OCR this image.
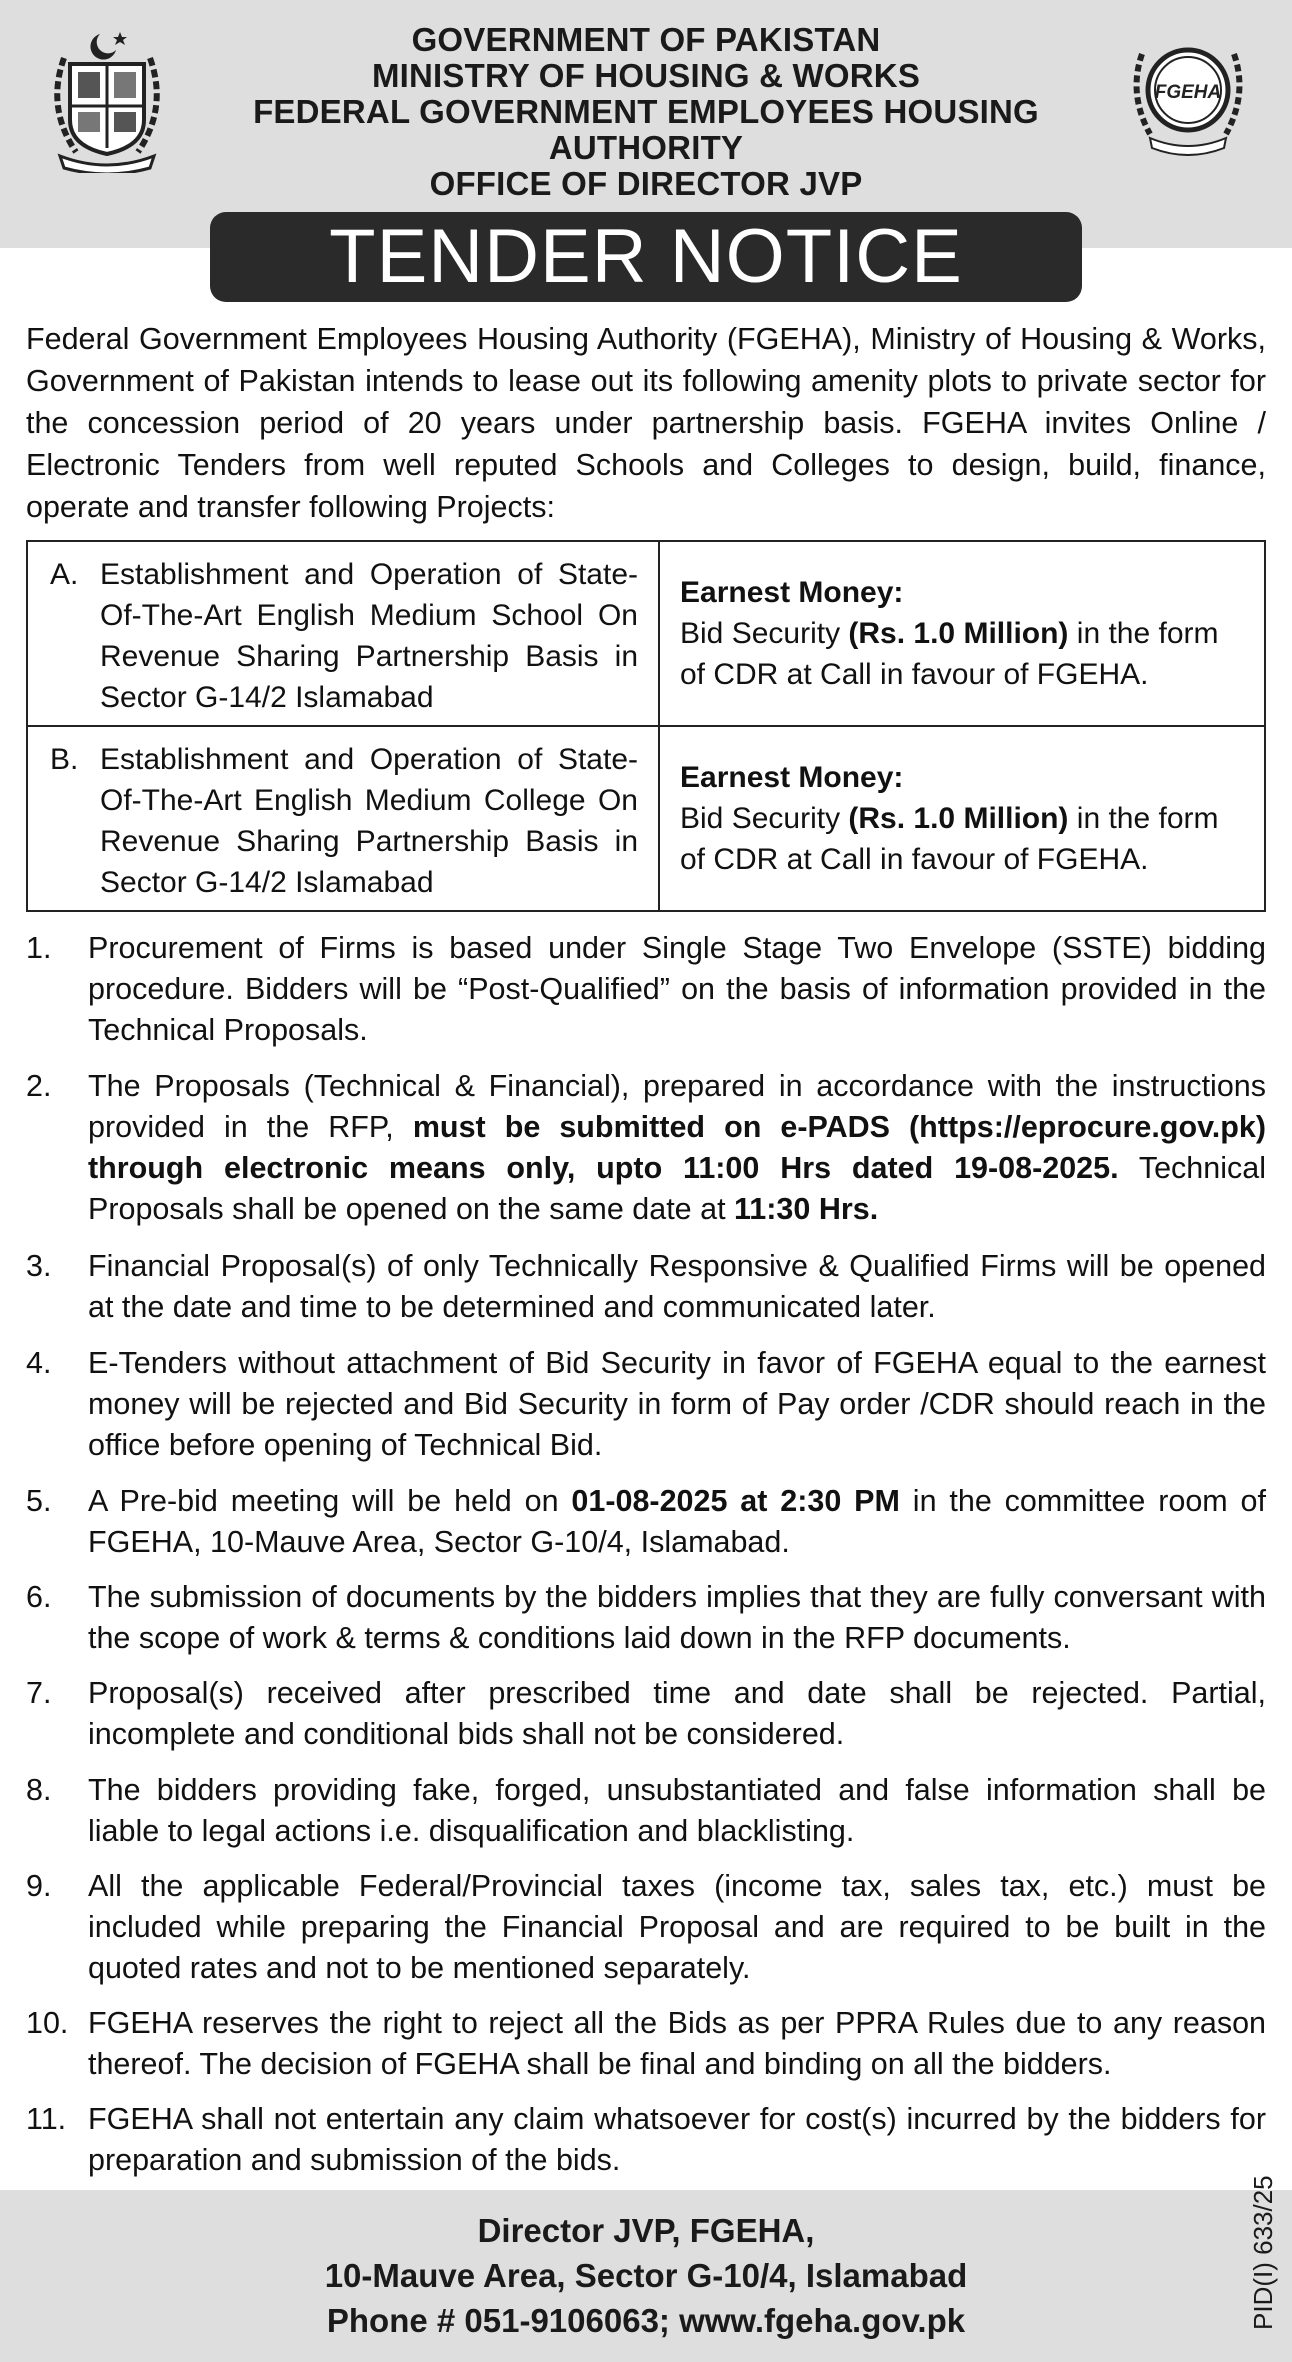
GOVERNMENT OF PAKISTAN
MINISTRY OF HOUSING & WORKS
FEDERAL GOVERNMENT EMPLOYEES HOUSING AUTHORITY
OFFICE OF DIRECTOR JVP
FGEHA
TENDER NOTICE
Federal Government Employees Housing Authority (FGEHA), Ministry of Housing & Works, Government of Pakistan intends to lease out its following amenity plots to private sector for the concession period of 20 years under partnership basis. FGEHA invites Online / Electronic Tenders from well reputed Schools and Colleges to design, build, finance, operate and transfer following Projects:
A. Establishment and Operation of State-Of-The-Art English Medium School On Revenue Sharing Partnership Basis in Sector G-14/2 Islamabad
Earnest Money:
Bid Security (Rs. 1.0 Million) in the form of CDR at Call in favour of FGEHA.
B. Establishment and Operation of State-Of-The-Art English Medium College On Revenue Sharing Partnership Basis in Sector G-14/2 Islamabad
Earnest Money:
Bid Security (Rs. 1.0 Million) in the form of CDR at Call in favour of FGEHA.
1. Procurement of Firms is based under Single Stage Two Envelope (SSTE) bidding procedure. Bidders will be “Post-Qualified” on the basis of information provided in the Technical Proposals.
2. The Proposals (Technical & Financial), prepared in accordance with the instructions provided in the RFP, must be submitted on e-PADS (https://eprocure.gov.pk) through electronic means only, upto 11:00 Hrs dated 19-08-2025. Technical Proposals shall be opened on the same date at 11:30 Hrs.
3. Financial Proposal(s) of only Technically Responsive & Qualified Firms will be opened at the date and time to be determined and communicated later.
4. E-Tenders without attachment of Bid Security in favor of FGEHA equal to the earnest money will be rejected and Bid Security in form of Pay order /CDR should reach in the office before opening of Technical Bid.
5. A Pre-bid meeting will be held on 01-08-2025 at 2:30 PM in the committee room of FGEHA, 10-Mauve Area, Sector G-10/4, Islamabad.
6. The submission of documents by the bidders implies that they are fully conversant with the scope of work & terms & conditions laid down in the RFP documents.
7. Proposal(s) received after prescribed time and date shall be rejected. Partial, incomplete and conditional bids shall not be considered.
8. The bidders providing fake, forged, unsubstantiated and false information shall be liable to legal actions i.e. disqualification and blacklisting.
9. All the applicable Federal/Provincial taxes (income tax, sales tax, etc.) must be included while preparing the Financial Proposal and are required to be built in the quoted rates and not to be mentioned separately.
10. FGEHA reserves the right to reject all the Bids as per PPRA Rules due to any reason thereof. The decision of FGEHA shall be final and binding on all the bidders.
11. FGEHA shall not entertain any claim whatsoever for cost(s) incurred by the bidders for preparation and submission of the bids.
Director JVP, FGEHA,
10-Mauve Area, Sector G-10/4, Islamabad
Phone # 051-9106063; www.fgeha.gov.pk	PID(I) 633/25
